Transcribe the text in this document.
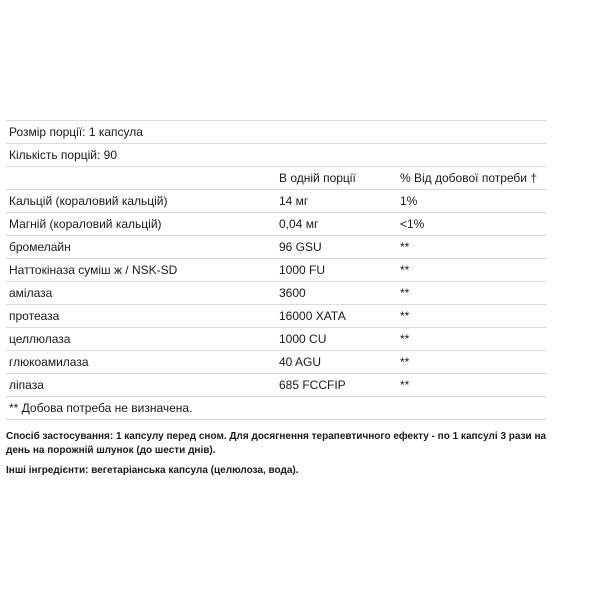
Розмір порції: 1 капсула		
Кількість порцій: 90		
	В одній порції	% Від добової потреби †
Кальцій (кораловий кальцій)	14 мг	1%
Магній (кораловий кальцій)	0,04 мг	<1%
бромелайн	96 GSU	**
Наттокіназа суміш ж / NSK-SD	1000 FU	**
амілаза	3600	**
протеаза	16000 ХАТА	**
целлюлаза	1000 CU	**
глюкоамилаза	40 AGU	**
ліпаза	685 FCCFIP	**
** Добова потреба не визначена.		

Спосіб застосування: 1 капсулу перед сном. Для досягнення терапевтичного ефекту - по 1 капсулі 3 рази на день на порожній шлунок (до шести днів).

Інші інгредієнти: вегетаріанська капсула (целюлоза, вода).
